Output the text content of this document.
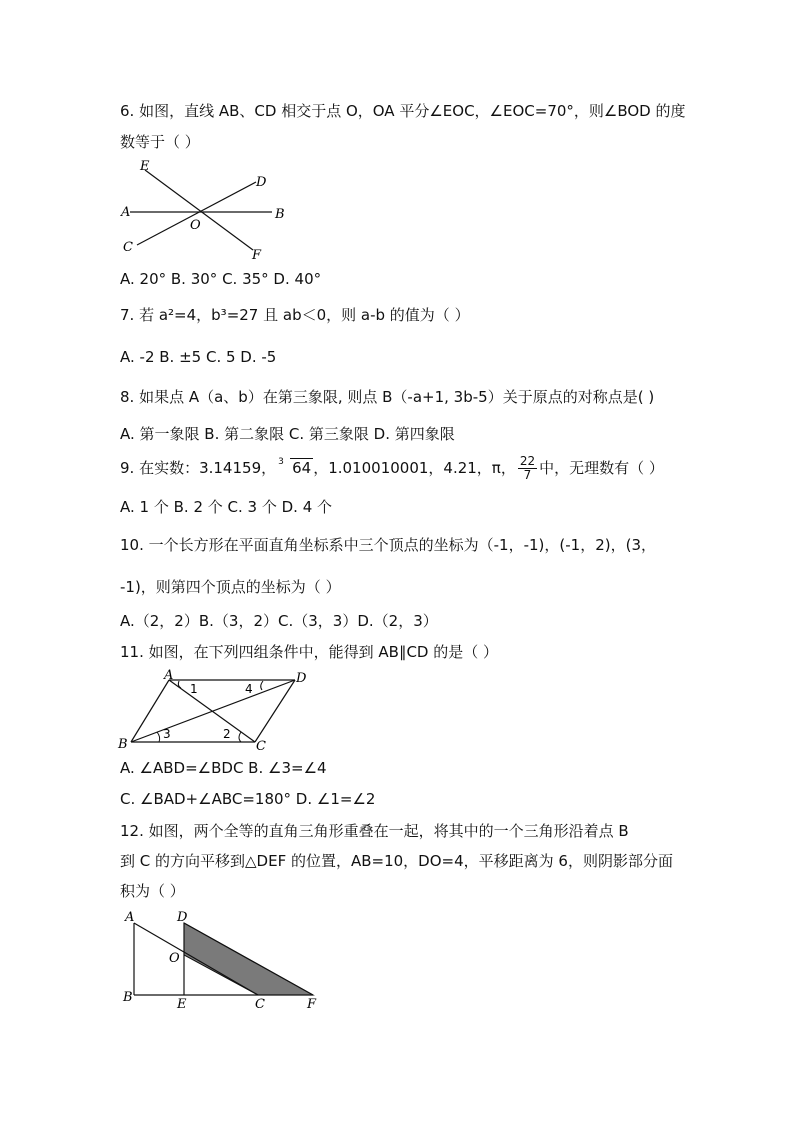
6. 如图，直线 AB、CD 相交于点 O，OA 平分∠EOC，∠EOC=70°，则∠BOD 的度
数等于（ ）
E
D
A	B
O
C
F
A. 20° B. 30° C. 35° D. 40°
7. 若 a²=4，b³=27 且 ab＜0，则 a-b 的值为（ ）
A. -2 B. ±5 C. 5 D. -5
8. 如果点 A（a、b）在第三象限, 则点 B（-a+1, 3b-5）关于原点的对称点是( )
A. 第一象限 B. 第二象限 C. 第三象限 D. 第四象限
9. 在实数：3.14159， 3 64 ，1.010010001，4.21，π， $\frac{22}{7}$ 中，无理数有（ ）
A. 1 个 B. 2 个 C. 3 个 D. 4 个
10. 一个长方形在平面直角坐标系中三个顶点的坐标为（-1，-1)，(-1，2)，(3，
-1)，则第四个顶点的坐标为（ ）
A.（2，2）B.（3，2）C.（3，3）D.（2，3）
11. 如图，在下列四组条件中，能得到 AB∥CD 的是（ ）
A	D
B	C
1	4
3	2
A. ∠ABD=∠BDC B. ∠3=∠4
C. ∠BAD+∠ABC=180° D. ∠1=∠2
12. 如图，两个全等的直角三角形重叠在一起，将其中的一个三角形沿着点 B
到 C 的方向平移到△DEF 的位置，AB=10，DO=4，平移距离为 6，则阴影部分面
积为（ ）
A	D
O
B	E	C	F
